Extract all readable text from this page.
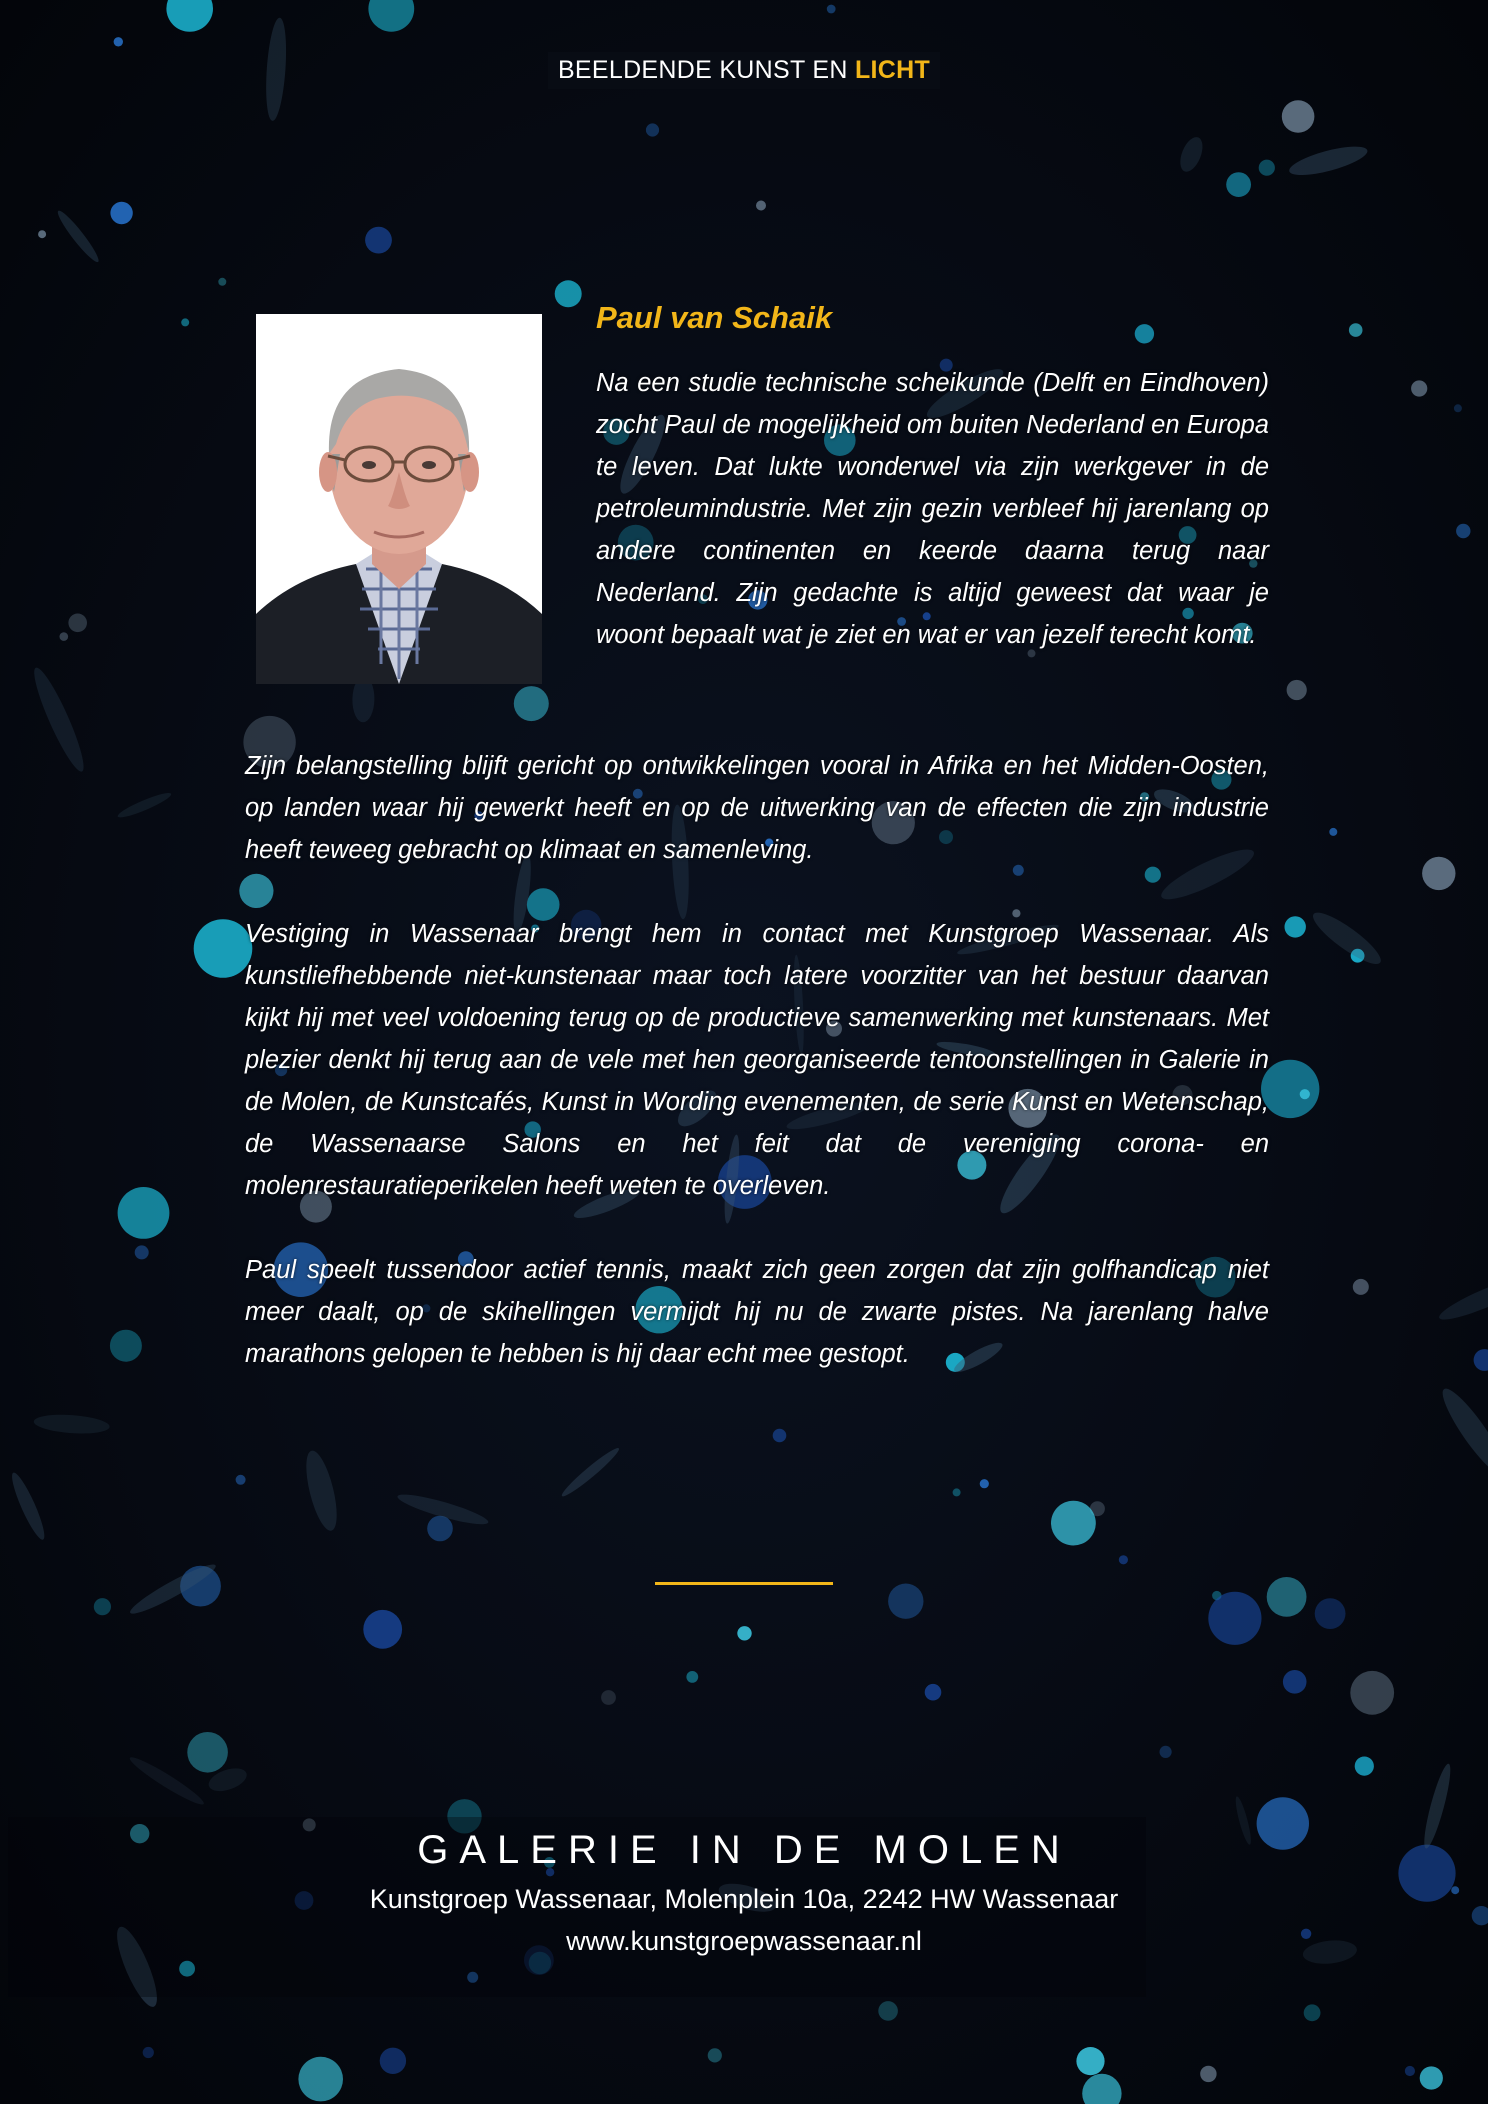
BEELDENDE KUNST EN LICHT
Paul van Schaik
Na een studie technische scheikunde (Delft en Eindhoven) zocht Paul de mogelijkheid om buiten Nederland en Europa te leven. Dat lukte wonderwel via zijn werkgever in de petroleumindustrie. Met zijn gezin verbleef hij jarenlang op andere continenten en keerde daarna terug naar Nederland. Zijn gedachte is altijd geweest dat waar je woont bepaalt wat je ziet en wat er van jezelf terecht komt.
Zijn belangstelling blijft gericht op ontwikkelingen vooral in Afrika en het Midden-Oosten, op landen waar hij gewerkt heeft en op de uitwerking van de effecten die zijn industrie heeft teweeg gebracht op klimaat en samenleving.
Vestiging in Wassenaar brengt hem in contact met Kunstgroep Wassenaar. Als kunstliefhebbende niet-kunstenaar maar toch latere voorzitter van het bestuur daarvan kijkt hij met veel voldoening terug op de productieve samenwerking met kunstenaars. Met plezier denkt hij terug aan de vele met hen georganiseerde tentoonstellingen in Galerie in de Molen, de Kunstcafés, Kunst in Wording evenementen, de serie Kunst en Wetenschap, de Wassenaarse Salons en het feit dat de vereniging corona- en molenrestauratieperikelen heeft weten te overleven.
Paul speelt tussendoor actief tennis, maakt zich geen zorgen dat zijn golfhandicap niet meer daalt, op de skihellingen vermijdt hij nu de zwarte pistes. Na jarenlang halve marathons gelopen te hebben is hij daar echt mee gestopt.
GALERIE IN DE MOLEN
Kunstgroep Wassenaar, Molenplein 10a, 2242 HW Wassenaar
www.kunstgroepwassenaar.nl
